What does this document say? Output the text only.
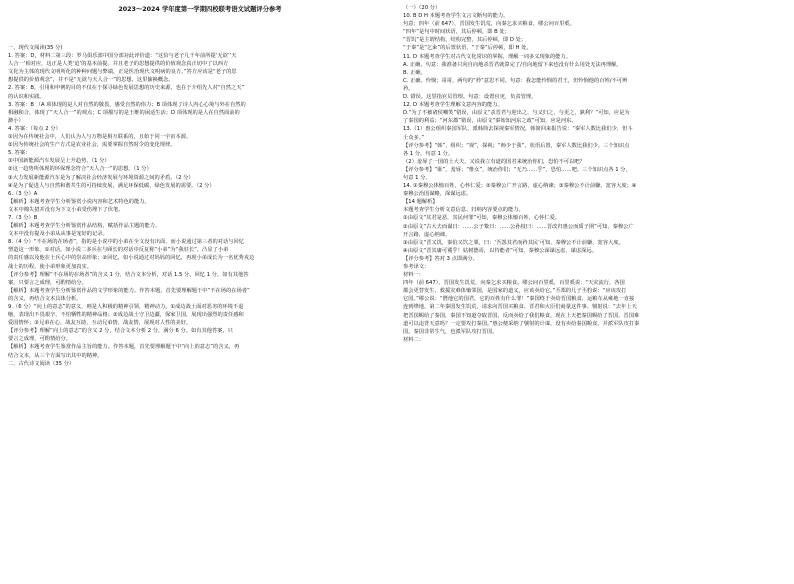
2023～2024 学年度第一学期四校联考语文试题评分参考

一、现代文阅读(35 分)

1. 答案：D，材料二第三段：罗马俱乐部中国分部対此评价道：“这恰与老子几千年前所提‘无欲’‘天

人合一’相对应，这正是人类‘迫’的基本前提。并且老子的思想提供的价值观念真正切中了以西方

文化为主体的现代文明所化的种种问题与弊端，正是医治现代文明病的良方。”答方应该是“老子的思

想提供的价值观念”，并不是“无欲与天人合一”的思想，这里偷换概念。

2. 答案：B，引用和申例的目的不仅在于探寻绿色发展思想的历史来源，也在于介绍先人对“自然之天”

的认识和实践。

3. 答案：B （A 项体现的是人对自然的敬畏，感受自然的伟力；B 项体现了诗人内心心境与外在自然的

相融和合，体现了“天人合一”的观点；C 项描写的是王维的闲适生活；D 项体现的是人在自然面前的

渺小）

4. 答案：（每点 2 分）

①因为在传统社会中，人们认为人与万物是相互联系的，且始于同一宇宙本源。

②因为传统社会的生产方式是农业社会，需要掌握自然时令的变化规律。

5. 答案：

①中国新能源汽车发展呈上升趋势。（1 分）

②这一趋势所体现的环保理念符合“天人合一”的思想。（1 分）

③大力发展新能源汽车是为了解决社会经济发展与环境资源之间的矛盾。（2 分）

④是为了促进人与自然和谐共生的可持续发展，满足环保低碳、绿色发展的需要。（2 分）

6.（3 分）A

【解析】本题考查学生分析鉴赏小说内容和艺术特色的能力。

文本中棉失措并没有为下文小弟受伤埋下了伏笔。

7.（3 分）B

【解析】本题考查学生分析鉴赏作品结构，赋括作品主题的能力。

文本中没有提及小弟从从事是宠好的记录。

8.（4 分）“不在场的在场者”，指的是小说中的小弟在全文没有出面，而小说通过第三者的对话与回忆

塑造这一形象。①对话，如小说二多兵在与顾长的对话中反复称“小弟”为“我驻长”，凸显了小弟

的责任感以及他在士兵心中的崇高形象；②回忆，如小说通过对妈妈的回忆，再现小弟成长为一名优秀戎边

战士的历程，使小弟形象更加真实。

【评分参考】理解“不在场的在场者”的含义 1 分，结合文本分析，对话 1.5 分，回忆 1 分。如有其他答

案，只要言之成理，可酌情给分。

【解析】本题考查学生分析鉴赏作品的文学形象的能力。作答本题，首先要理解题干中“不在场的在场者”

的含义，再结合文本具体分析。

9.（6 分）“向上的意志”的意义，则是人积极的精神引领，精神动力。①成边战士面对恶劣的环境不退

缩，表现出不畏艰辛，不怕牺牲的精神品格；②成边战士守卫边疆，保家卫国，展现出强烈的责任感和

爱国情怀；③兄弟在心，战友互助，互动兄弟情，战友情，展现对人性的美好。

【评分参考】理解“向上的意志”的含义 2 分，结合文本分析 2 分，满分 6 分。如有其他答案，只

要言之成理，可酌情给分。

【解析】本题考查学生鉴赏作品主旨的能力。作答本题，首先要理解题干中“向上的意志”的含义，再

结合文本，从三个方面写出其中的精神。

二、古代诗文阅读（35 分）

（一）（20 分）

10. B D H 本题考查学生文言文断句的能力。

句意：四年（前 647），晋国发生饥荒，向秦乞求买粮食。缪公问百里奚。

“四年”是句中时间状语，其后停顿，即 B 处；

“晋饥”是主谓结构，结构完整，其后停顿，即 D 处；

“于秦”是“乞籴”的后置状语，“于秦”后停顿，即 H 处。

11. D 本题考查学生对古代文化常识的掌握，理解一词多义现象的能力。

A. 正确。句意：我准备只向自向地杀晋君就算完了/自向地留下来也没有什么用处无法再理解。

B. 正确。

C. 正确。怜悯；哥哥。两句的“矜”意思不同。句意：我怎能怜悯的君王，但怜悯他的百姓/不可辨

矜。

D. 错误。这里指官员管理。句意：设置官吏，负责管理。

12. D 本题考查学生理解文意内容的能力。

D.“为了不被诸侯嘲笑”错误，由原文“杀晋君与迎出之，与义归之，与更之，孰利？”可知，应是为

了秦国的利益；“河东郡”错误，由原文“秦始知河东之政”可知，应是河东。

13.（1）惠公组织秦国军队，派韩简去探视秦军情况，韩简回来报告说：“秦军人数比我们少，但斗

士众多。”

【评分参考】“韩”，组织；“视”，探视；“师少于我”，状语后置，秦军人数比我们少。三个知识点

各 1 分，句意 1 分。

（2）羞辱了一国的土大夫，又说我立有道的国君来统治你们，恐怕不可以吧？

【评分参考】“耻”，羞辱；“惟女”，统治你们；“无乃……乎”，恐怕……吧。三个知识点各 1 分，

句意 1 分。

14. ①秦穆公体恤百姓，心怀仁爱；②秦穆公广开言路，虚心纳谏；③秦穆公不计前嫌，宽容大度；④

秦穆公治国谋略，深谋远虑。

【14 题解析】

本题考查学生分析文意信息、归纳内容要点的能力。

①由原文“其君是恶，其民何罪”可知，秦穆公体恤百姓，心怀仁爱。

②由原文“古大夫而谋日：……公子絷曰：……公孙枝曰：……晋改归惠公而质子圉”可知，秦穆公广

开言路，虚心纳谏。

③由原文“晋又饥，秦伯又饩之粟，曰：‘吾怨其君而矜其民’可知，秦穆公不计前嫌，宽容大度。

④由原文“晋其庸可冀乎！姑树德焉，以待能者”可知，秦穆公深谋远虑，谋虑深远。

【评分参考】答对 3 点即满分。

参考译文：

材料一：

四年（前 647），晋国发生饥荒，向秦乞求买粮食。缪公问百里奚，百里奚说：“天灾流行，各国

都会更替发生，救援灾难体恤邻国，是国家的道义，应该卖给它。”丕郑的儿子丕豹说：“应该攻打

它国。”缪公说：“僭他它的国君，它的百姓有什么罪！”秦国终于卖给晋国粮食，运粮车从雍地一直接

连到绛地。第二年秦国发生饥荒，请求向晋国买粮食。晋君和大臣们商量这件事。號射说：“去年上天

把晋国赐给了秦国，秦国不知道夺取晋国，反而卖给了我们粮食。现在上天把秦国赐给了晋国，晋国难

道可以违背天意吗？一定要攻打秦国。”惠公便采纳了號射的计谋，没有卖给秦国粮食，并派军队攻打秦

国。秦国非常生气，也派军队攻打晋国。

材料二：
